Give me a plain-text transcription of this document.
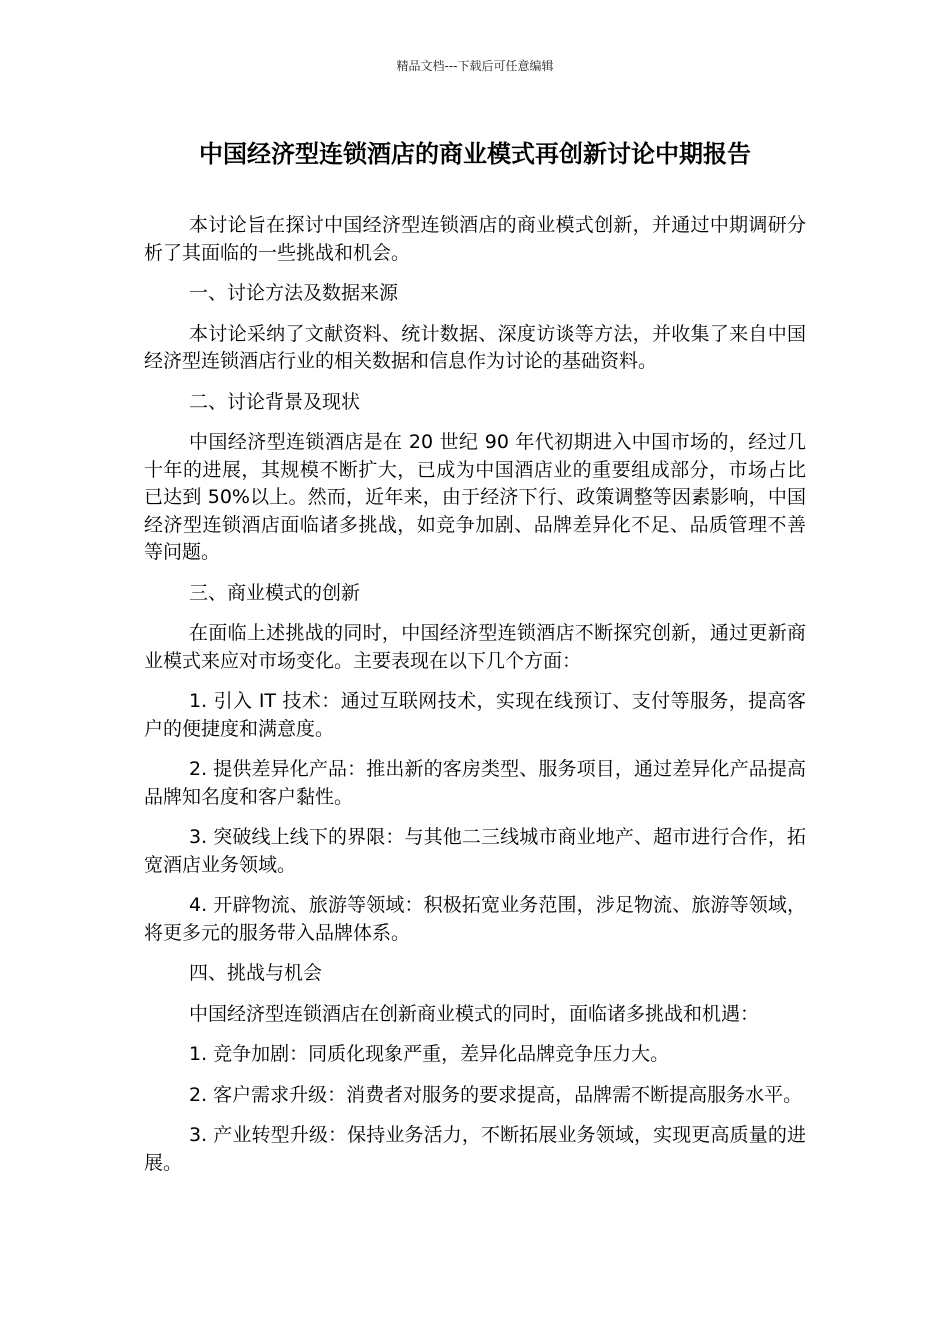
精品文档---下载后可任意编辑
中国经济型连锁酒店的商业模式再创新讨论中期报告

本讨论旨在探讨中国经济型连锁酒店的商业模式创新，并通过中期调研分析了其面临的一些挑战和机会。

一、讨论方法及数据来源

本讨论采纳了文献资料、统计数据、深度访谈等方法，并收集了来自中国经济型连锁酒店行业的相关数据和信息作为讨论的基础资料。

二、讨论背景及现状

中国经济型连锁酒店是在 20 世纪 90 年代初期进入中国市场的，经过几十年的进展，其规模不断扩大，已成为中国酒店业的重要组成部分，市场占比已达到 50%以上。然而，近年来，由于经济下行、政策调整等因素影响，中国经济型连锁酒店面临诸多挑战，如竞争加剧、品牌差异化不足、品质管理不善等问题。

三、商业模式的创新

在面临上述挑战的同时，中国经济型连锁酒店不断探究创新，通过更新商业模式来应对市场变化。主要表现在以下几个方面：

1. 引入 IT 技术：通过互联网技术，实现在线预订、支付等服务，提高客户的便捷度和满意度。

2. 提供差异化产品：推出新的客房类型、服务项目，通过差异化产品提高品牌知名度和客户黏性。

3. 突破线上线下的界限：与其他二三线城市商业地产、超市进行合作，拓宽酒店业务领域。

4. 开辟物流、旅游等领域：积极拓宽业务范围，涉足物流、旅游等领域，将更多元的服务带入品牌体系。

四、挑战与机会

中国经济型连锁酒店在创新商业模式的同时，面临诸多挑战和机遇：

1. 竞争加剧：同质化现象严重，差异化品牌竞争压力大。

2. 客户需求升级：消费者对服务的要求提高，品牌需不断提高服务水平。

3. 产业转型升级：保持业务活力，不断拓展业务领域，实现更高质量的进展。
